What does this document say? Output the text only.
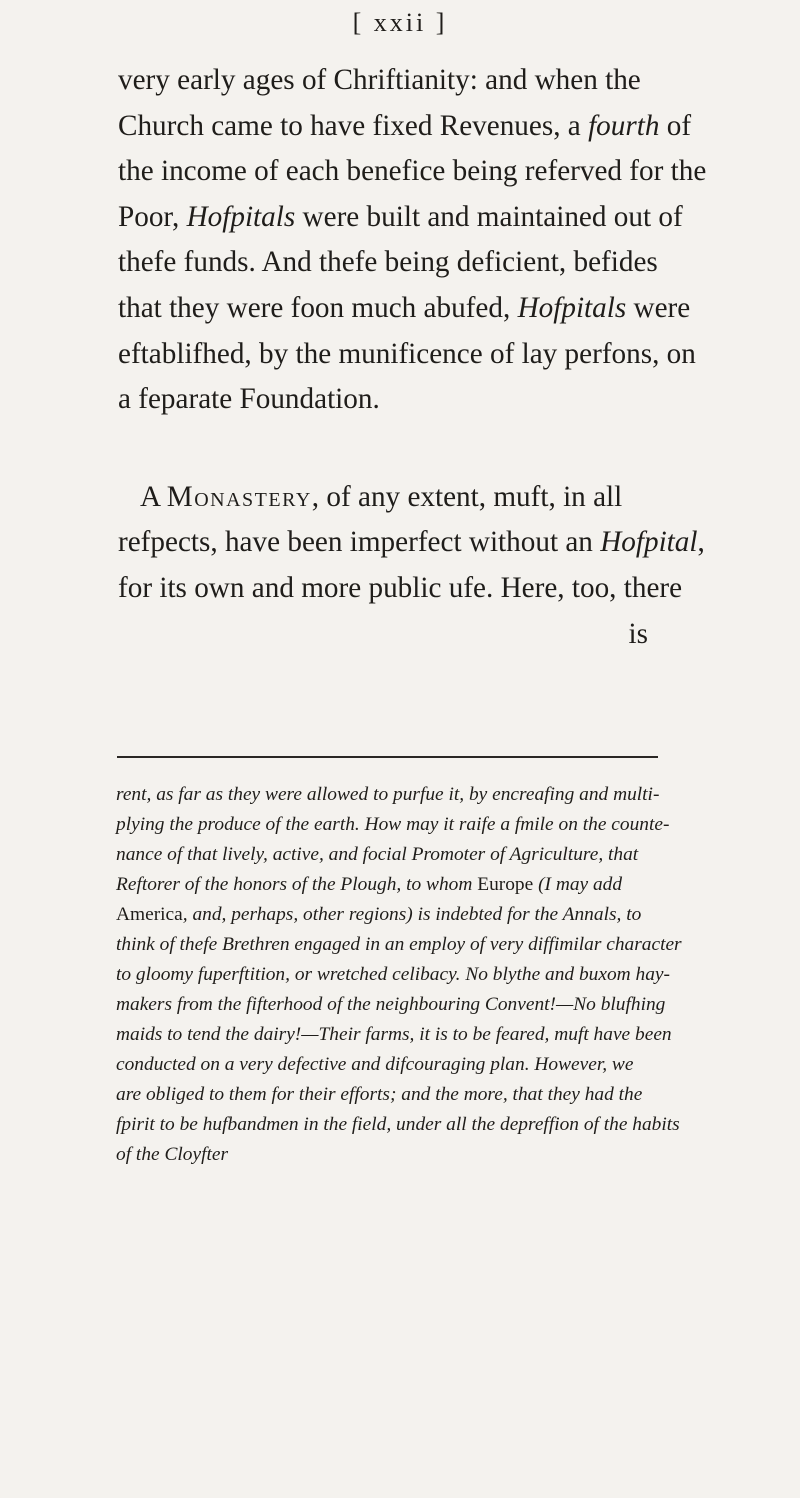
[ xxii ]
very early ages of Chriftianity: and when the
Church came to have fixed Revenues, a fourth of
the income of each benefice being referved for the
Poor, Hofpitals were built and maintained out of
thefe funds. And thefe being deficient, befides
that they were foon much abufed, Hofpitals were
eftablifhed, by the munificence of lay perfons, on
a feparate Foundation.
A Monastery, of any extent, muft, in all
refpects, have been imperfect without an Hofpital,
for its own and more public ufe. Here, too, there
is
rent, as far as they were allowed to purfue it, by encreafing and multi-
plying the produce of the earth. How may it raife a fmile on the counte-
nance of that lively, active, and focial Promoter of Agriculture, that
Reftorer of the honors of the Plough, to whom Europe (I may add
America, and, perhaps, other regions) is indebted for the Annals, to
think of thefe Brethren engaged in an employ of very diffimilar character
to gloomy fuperftition, or wretched celibacy. No blythe and buxom hay-
makers from the fifterhood of the neighbouring Convent!—No blufhing
maids to tend the dairy!—Their farms, it is to be feared, muft have been
conducted on a very defective and difcouraging plan. However, we
are obliged to them for their efforts; and the more, that they had the
fpirit to be hufbandmen in the field, under all the depreffion of the habits
of the Cloyfter
